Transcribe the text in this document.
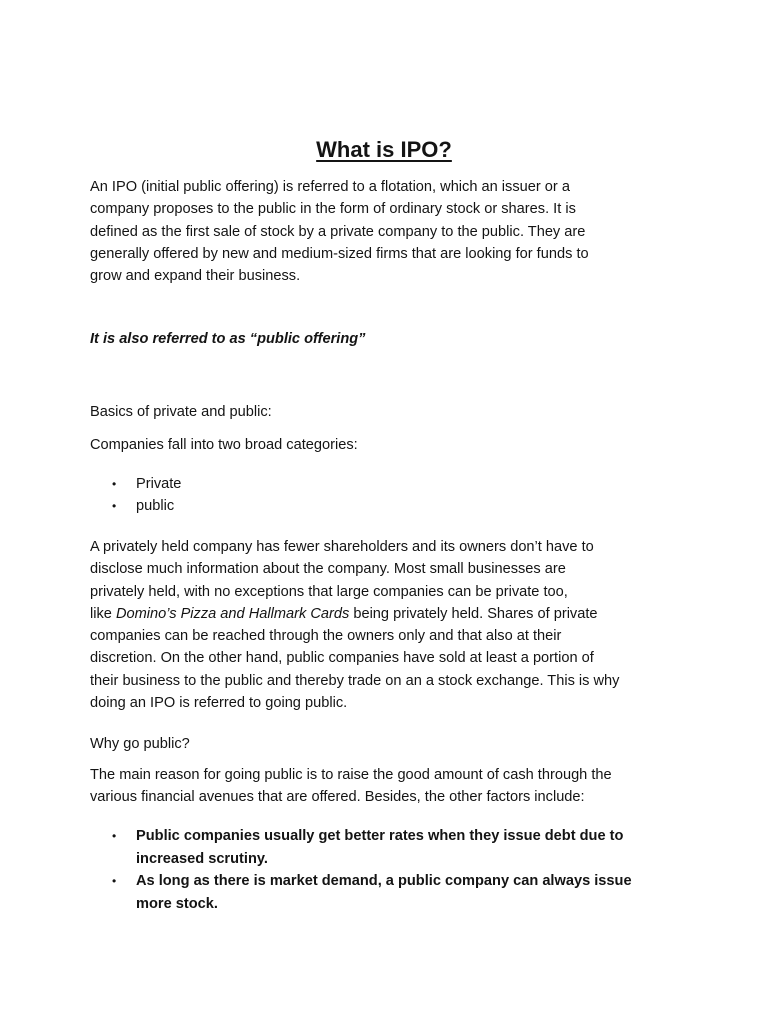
What is IPO?

An IPO (initial public offering) is referred to a flotation, which an issuer or a
company proposes to the public in the form of ordinary stock or shares. It is
defined as the first sale of stock by a private company to the public. They are
generally offered by new and medium-sized firms that are looking for funds to
grow and expand their business.

It is also referred to as “public offering”

Basics of private and public:

Companies fall into two broad categories:

• Private
• public

A privately held company has fewer shareholders and its owners don’t have to
disclose much information about the company. Most small businesses are
privately held, with no exceptions that large companies can be private too,
like Domino’s Pizza and Hallmark Cards being privately held. Shares of private
companies can be reached through the owners only and that also at their
discretion. On the other hand, public companies have sold at least a portion of
their business to the public and thereby trade on an a stock exchange. This is why
doing an IPO is referred to going public.

Why go public?

The main reason for going public is to raise the good amount of cash through the
various financial avenues that are offered. Besides, the other factors include:

• Public companies usually get better rates when they issue debt due to
increased scrutiny.
• As long as there is market demand, a public company can always issue
more stock.
